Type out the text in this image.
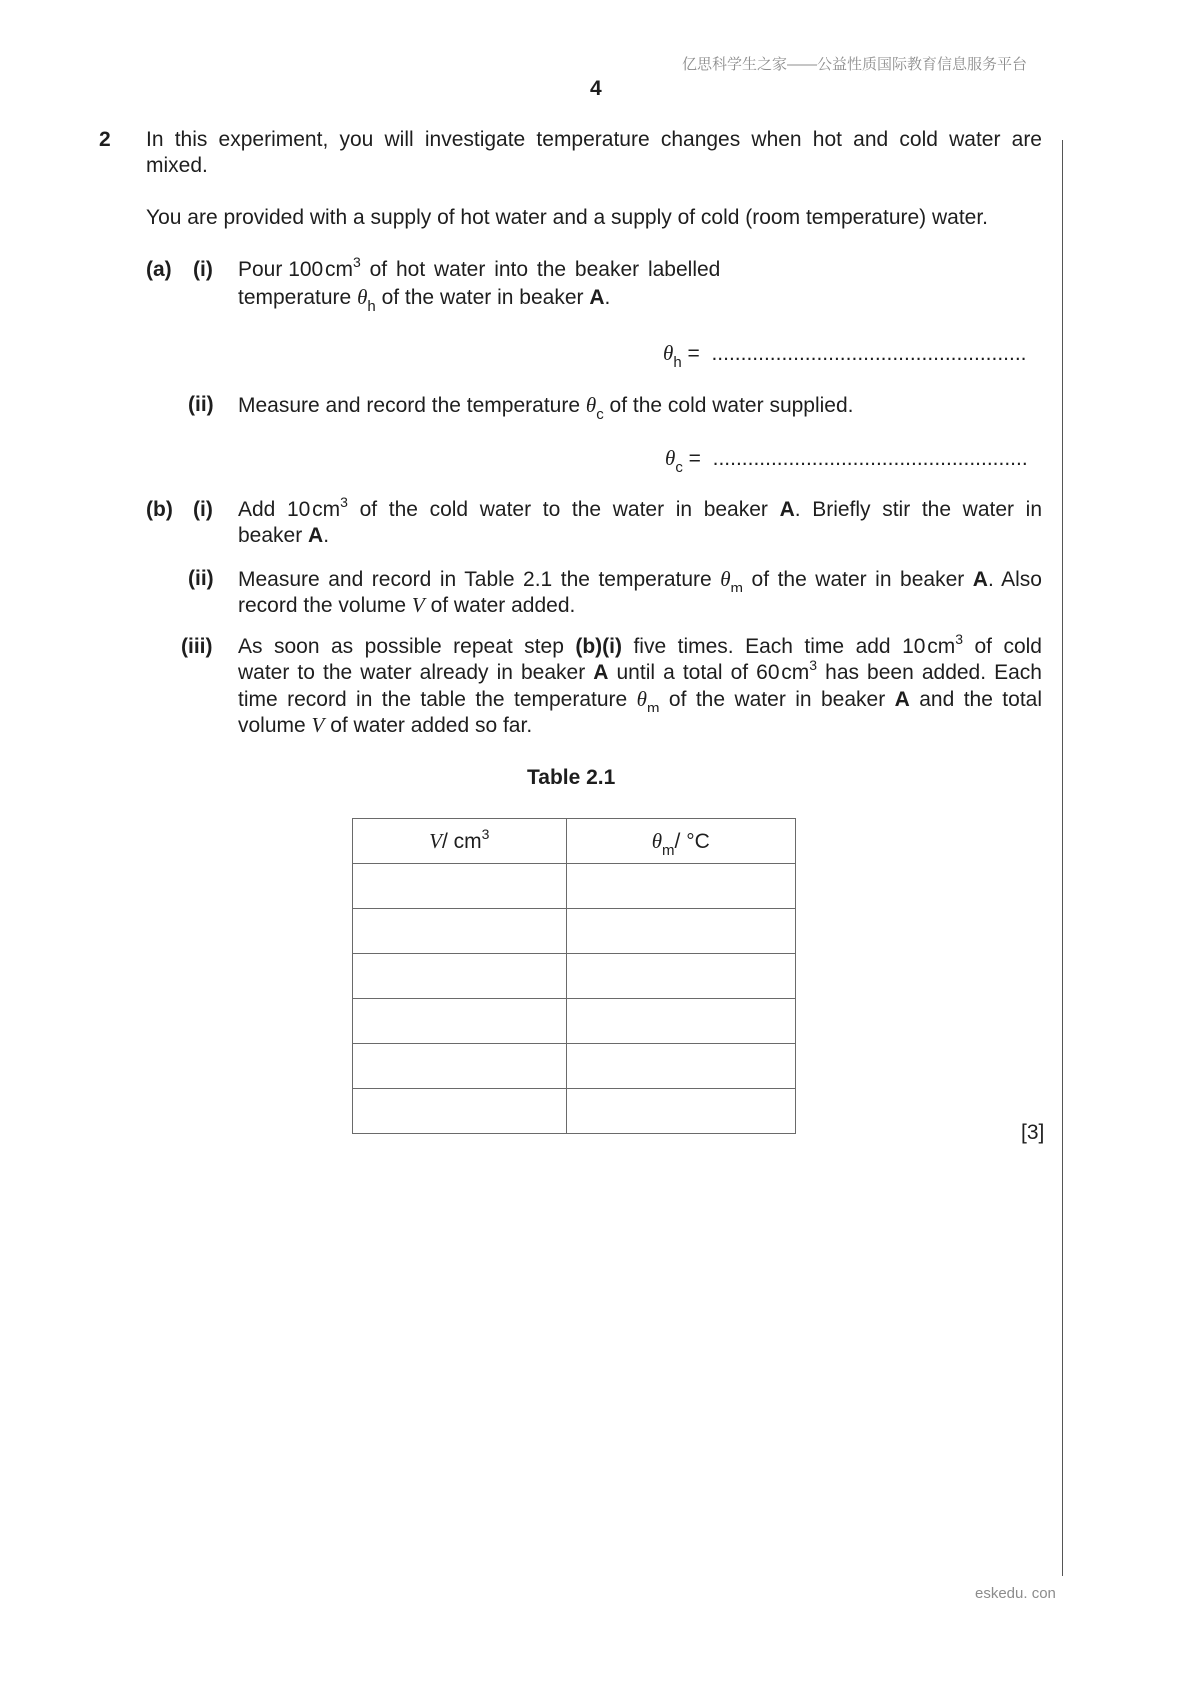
亿思科学生之家——公益性质国际教育信息服务平台
4
2 In this experiment, you will investigate temperature changes when hot and cold water are
mixed.
You are provided with a supply of hot water and a supply of cold (room temperature) water.
(a) (i) Pour 100 $cm^3$ of hot water into the beaker labelled
temperature $\theta_h$ of the water in beaker A.
$\theta_h$ = ......................................................
(ii) Measure and record the temperature $\theta_c$ of the cold water supplied.
$\theta_c$ = ......................................................
(b) (i) Add 10 $cm^3$ of the cold water to the water in beaker A. Briefly stir the water in
beaker A.
(ii) Measure and record in Table 2.1 the temperature $\theta_m$ of the water in beaker A. Also
record the volume V of water added.
(iii) As soon as possible repeat step (b)(i) five times. Each time add 10 $cm^3$ of cold
water to the water already in beaker A until a total of 60 $cm^3$ has been added. Each
time record in the table the temperature $\theta_m$ of the water in beaker A and the total
volume V of water added so far.
Table 2.1
V/ $cm^3$	$\theta_m/$ °C

[3]
eskedu. con
